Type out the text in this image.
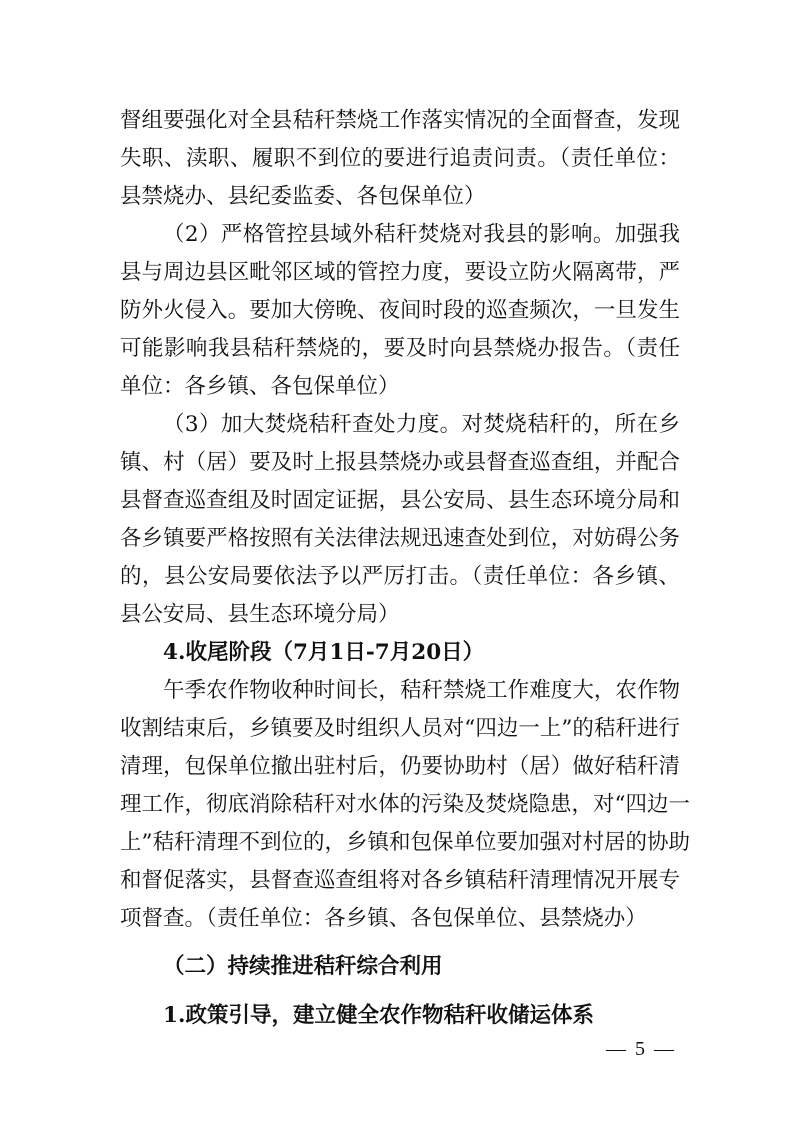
督组要强化对全县秸秆禁烧工作落实情况的全面督查，发现
失职、渎职、履职不到位的要进行追责问责。（责任单位：
县禁烧办、县纪委监委、各包保单位）
（2）严格管控县域外秸秆焚烧对我县的影响。加强我
县与周边县区毗邻区域的管控力度，要设立防火隔离带，严
防外火侵入。要加大傍晚、夜间时段的巡查频次，一旦发生
可能影响我县秸秆禁烧的，要及时向县禁烧办报告。（责任
单位：各乡镇、各包保单位）
（3）加大焚烧秸秆查处力度。对焚烧秸秆的，所在乡
镇、村（居）要及时上报县禁烧办或县督查巡查组，并配合
县督查巡查组及时固定证据，县公安局、县生态环境分局和
各乡镇要严格按照有关法律法规迅速查处到位，对妨碍公务
的，县公安局要依法予以严厉打击。（责任单位：各乡镇、
县公安局、县生态环境分局）
4.收尾阶段（7月1日-7月20日）
午季农作物收种时间长，秸秆禁烧工作难度大，农作物
收割结束后，乡镇要及时组织人员对“四边一上”的秸秆进行
清理，包保单位撤出驻村后，仍要协助村（居）做好秸秆清
理工作，彻底消除秸秆对水体的污染及焚烧隐患，对“四边一
上”秸秆清理不到位的，乡镇和包保单位要加强对村居的协助
和督促落实，县督查巡查组将对各乡镇秸秆清理情况开展专
项督查。（责任单位：各乡镇、各包保单位、县禁烧办）
（二）持续推进秸秆综合利用
1.政策引导，建立健全农作物秸秆收储运体系
— 5 —
